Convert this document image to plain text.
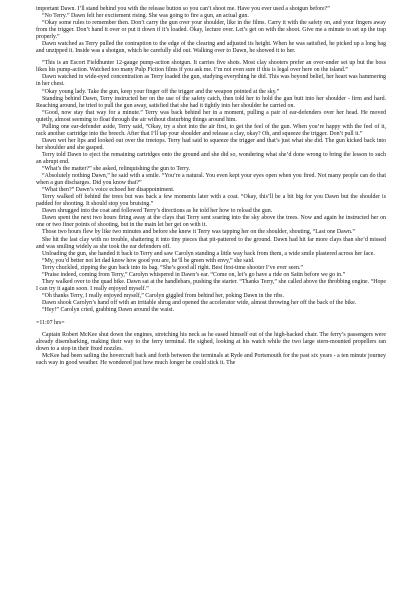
important Dawn. I’ll stand behind you with the release button so you can’t shoot me. Have you ever used a shotgun before?”

“No Terry.” Dawn felt her excitement rising. She was going to fire a gun, an actual gun.

“Okay some rules to remember then. Don’t carry the gun over your shoulder, like in the films. Carry it with the safety on, and your fingers away from the trigger. Don’t hand it over or put it down if it’s loaded. Okay, lecture over. Let’s get on with the shoot. Give me a minute to set up the trap properly.”

Dawn watched as Terry pulled the contraption to the edge of the clearing and adjusted its height. When he was satisfied, he picked up a long bag and unzipped it. Inside was a shotgun, which he carefully slid out. Walking over to Dawn, he showed it to her.

“This is an Escort Fieldhunter 12-gauge pump-action shotgun. It carries five shots. Most clay shooters prefer an over-under set up but the boss likes his pump-action. Watched too many Pulp Fiction films if you ask me. I’m not even sure if this is legal over here on the island.”

Dawn watched in wide-eyed concentration as Terry loaded the gun, studying everything he did. This was beyond belief, her heart was hammering in her chest.

“Okay young lady. Take the gun, keep your finger off the trigger and the weapon pointed at the sky.”

Standing behind Dawn, Terry instructed her on the use of the safety catch, then told her to hold the gun butt into her shoulder - firm and hard. Reaching around, he tried to pull the gun away, satisfied that she had it tightly into her shoulder he carried on.

“Good, now stay that way for a minute.” Terry was back behind her in a moment, pulling a pair of ear-defenders over her head. He moved quietly, almost seeming to float through the air without disturbing things around him.

Pulling one ear-defender aside, Terry said, “Okay, try a shot into the air first, to get the feel of the gun. When you’re happy with the feel of it, rack another cartridge into the breech. After that I’ll tap your shoulder and release a clay, okay? Oh, and squeeze the trigger. Don’t pull it.”

Dawn wet her lips and looked out over the treetops. Terry had said to squeeze the trigger and that’s just what she did. The gun kicked back into her shoulder and she gasped.

Terry told Dawn to eject the remaining cartridges onto the ground and she did so, wondering what she’d done wrong to bring the lesson to such an abrupt end.

“What’s the matter?” she asked, relinquishing the gun to Terry.

“Absolutely nothing Dawn,” he said with a smile. “You’re a natural. You even kept your eyes open when you fired. Not many people can do that when a gun discharges. Did you know that?”

“What then?” Dawn’s voice echoed her disappointment.

Terry walked off behind the trees but was back a few moments later with a coat. “Okay, this’ll be a bit big for you Dawn but the shoulder is padded for shooting. It should stop you bruising.”

Dawn shrugged into the coat and followed Terry’s directions as he told her how to reload the gun.

Dawn spent the next two hours firing away at the clays that Terry sent soaring into the sky above the trees. Now and again he instructed her on one or two finer points of shooting, but in the main let her get on with it.

Those two hours flew by like two minutes and before she knew it Terry was tapping her on the shoulder, shouting, “Last one Dawn.”

She hit the last clay with no trouble, shattering it into tiny pieces that pit-pattered to the ground. Dawn had hit far more clays than she’d missed and was smiling widely as she took the ear defenders off.

Unloading the gun, she handed it back to Terry and saw Carolyn standing a little way back from them, a wide smile plastered across her face.

“My, you’d better not let dad know how good you are, he’ll be green with envy,” she said.

Terry chuckled, zipping the gun back into its bag. “She’s good all right. Best first-time shooter I’ve ever seen.”

“Praise indeed, coming from Terry,” Carolyn whispered in Dawn’s ear. “Come on, let’s go have a ride on Satin before we go in.”

They walked over to the quad bike. Dawn sat at the handlebars, pushing the starter. “Thanks Terry,” she called above the throbbing engine. “Hope I can try it again soon. I really enjoyed myself.”

“Oh thanks Terry, I really enjoyed myself,” Carolyn giggled from behind her, poking Dawn in the ribs.

Dawn shook Carolyn’s hand off with an irritable shrug and opened the accelerator wide, almost throwing her off the back of the bike.

“Hey!” Carolyn cried, grabbing Dawn around the waist.

=11:07 hrs=

Captain Robert McKee shut down the engines, stretching his neck as he eased himself out of the high-backed chair. The ferry’s passengers were already disembarking, making their way to the ferry terminal. He sighed, looking at his watch while the two large stern-mounted propellers ran down to a stop in their fixed nozzles.

McKee had been sailing the hovercraft back and forth between the terminals at Ryde and Portsmouth for the past six years - a ten minute journey each way in good weather. He wondered just how much longer he could stick it. The
